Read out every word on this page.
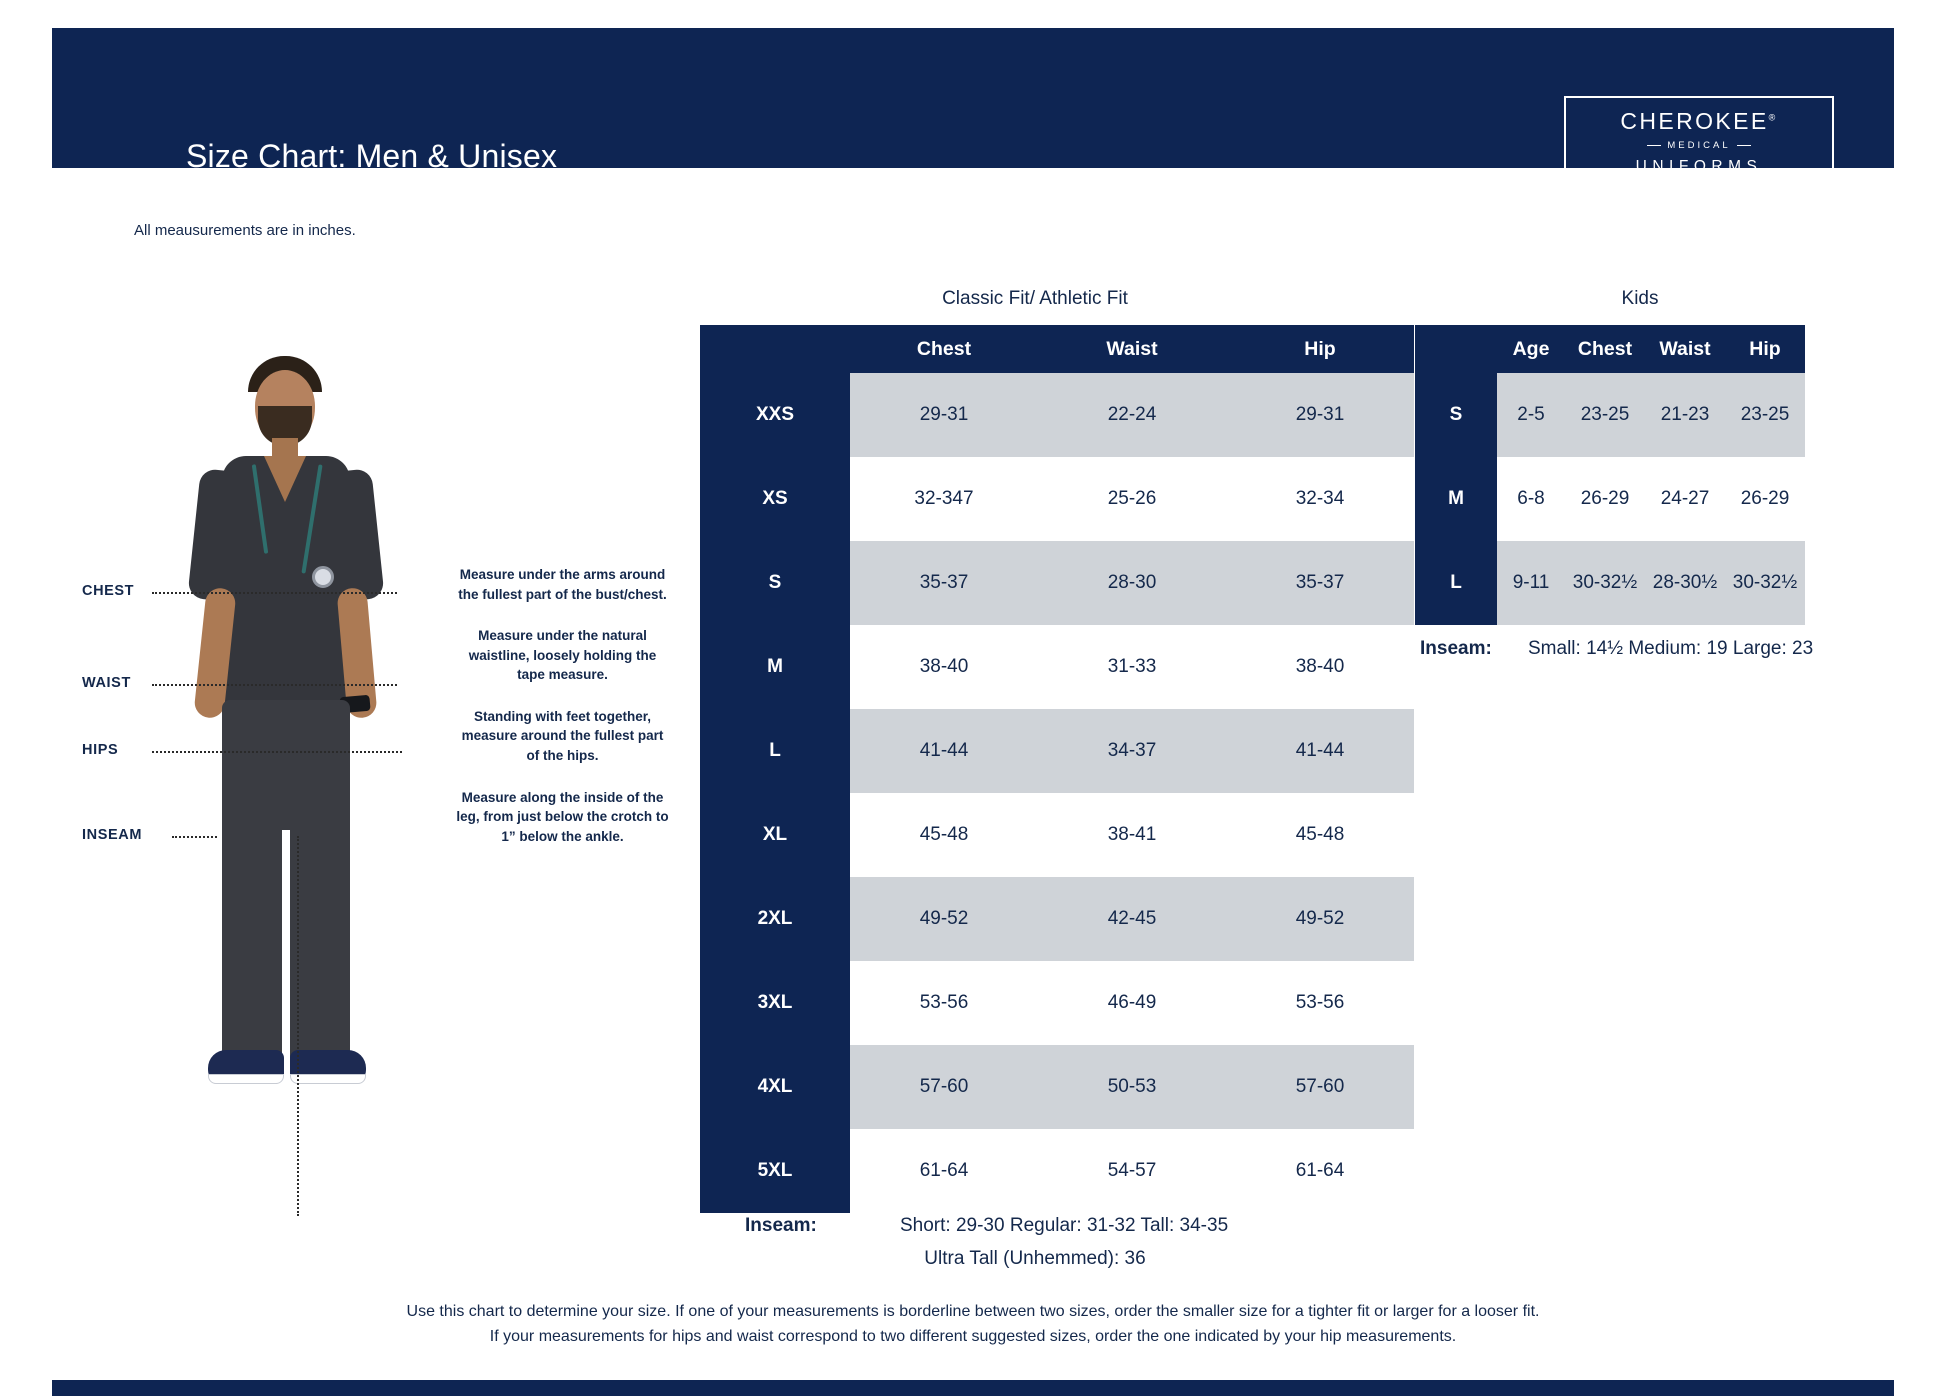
Size Chart: Men & Unisex
CHEROKEE®
MEDICAL
UNIFORMS
All meausurements are in inches.
CHEST
WAIST
HIPS
INSEAM

Measure under the arms around the fullest part of the bust/chest.

Measure under the natural waistline, loosely holding the tape measure.

Standing with feet together, measure around the fullest part of the hips.

Measure along the inside of the leg, from just below the crotch to 1” below the ankle.

Classic Fit/ Athletic Fit
	Chest	Waist	Hip
XXS	29-31	22-24	29-31
XS	32-347	25-26	32-34
S	35-37	28-30	35-37
M	38-40	31-33	38-40
L	41-44	34-37	41-44
XL	45-48	38-41	45-48
2XL	49-52	42-45	49-52
3XL	53-56	46-49	53-56
4XL	57-60	50-53	57-60
5XL	61-64	54-57	61-64
Inseam:	Short: 29-30 Regular: 31-32 Tall: 34-35
Ultra Tall (Unhemmed): 36
Kids
	Age	Chest	Waist	Hip
S	2-5	23-25	21-23	23-25
M	6-8	26-29	24-27	26-29
L	9-11	30-32½	28-30½	30-32½
Inseam: Small: 14½ Medium: 19 Large: 23
Use this chart to determine your size. If one of your measurements is borderline between two sizes, order the smaller size for a tighter fit or larger for a looser fit.
If your measurements for hips and waist correspond to two different suggested sizes, order the one indicated by your hip measurements.
